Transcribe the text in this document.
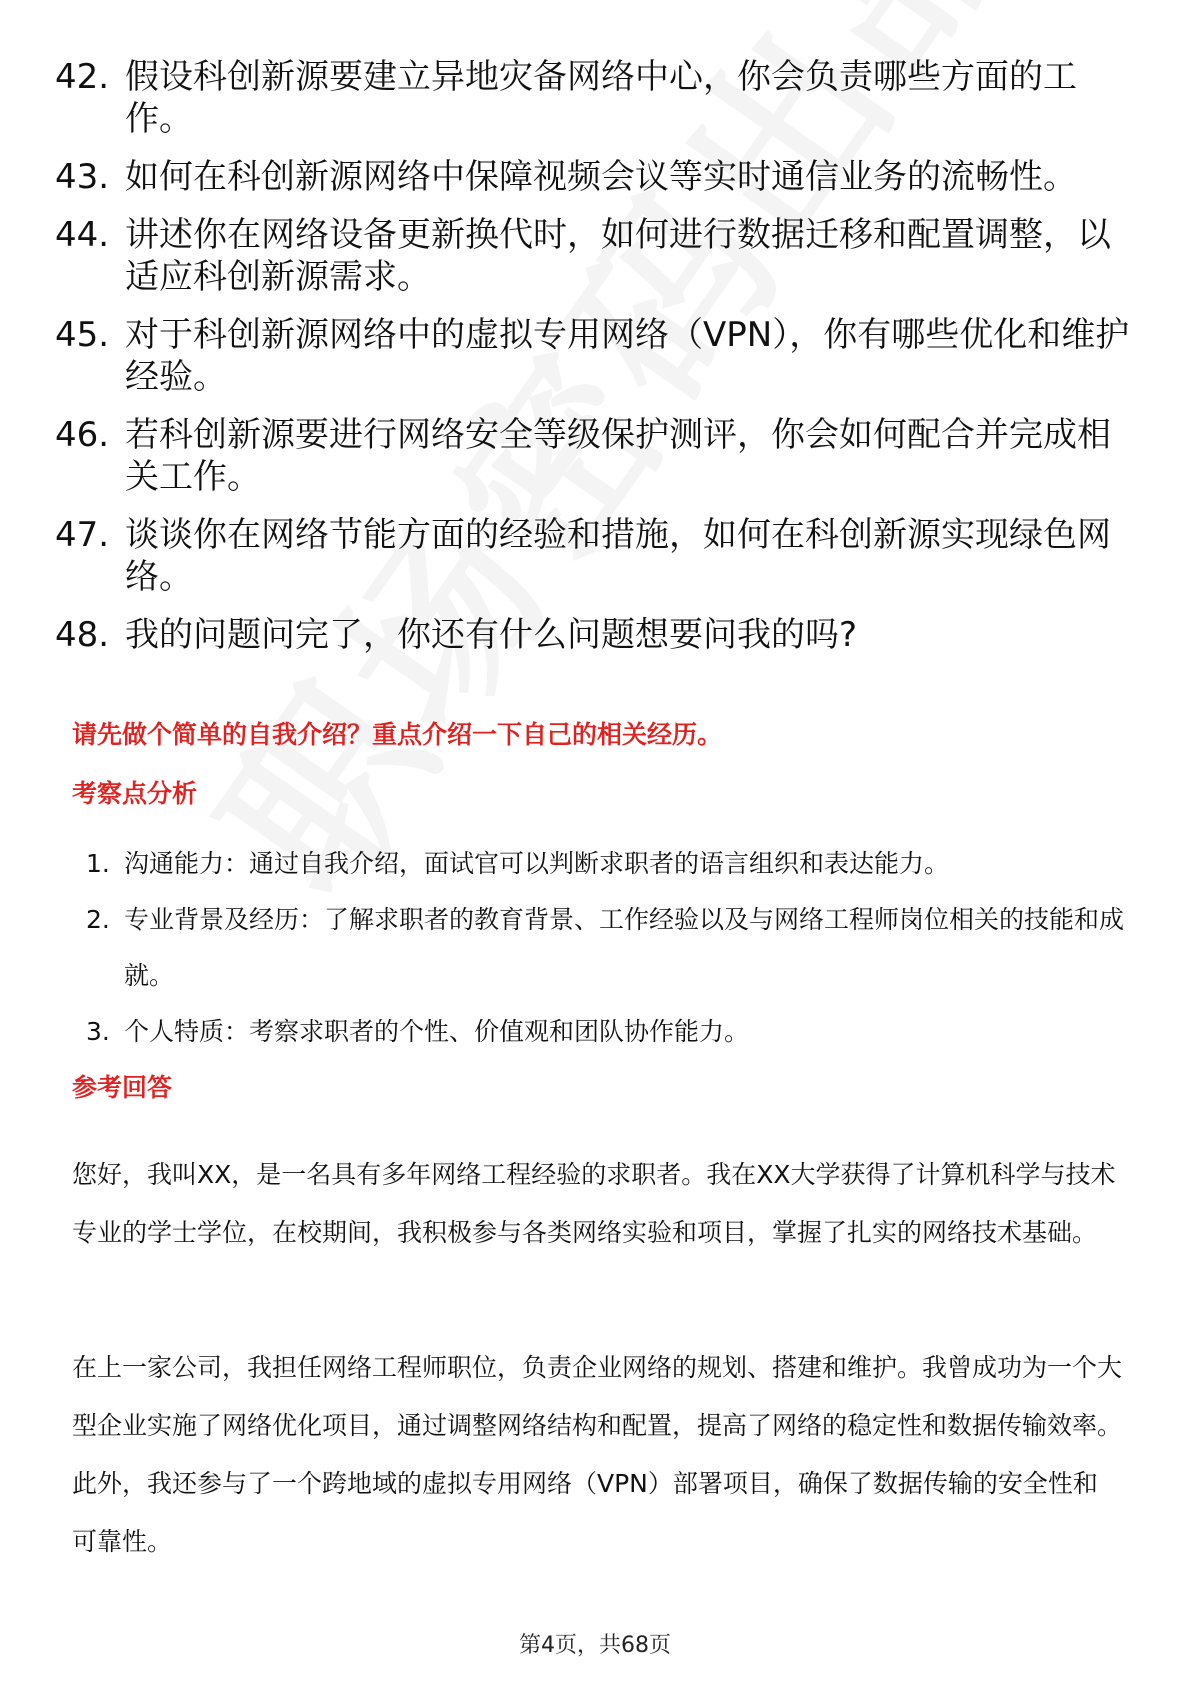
42. 假设科创新源要建立异地灾备网络中心，你会负责哪些方面的工作。
43. 如何在科创新源网络中保障视频会议等实时通信业务的流畅性。
44. 讲述你在网络设备更新换代时，如何进行数据迁移和配置调整，以适应科创新源需求。
45. 对于科创新源网络中的虚拟专用网络（VPN），你有哪些优化和维护经验。
46. 若科创新源要进行网络安全等级保护测评，你会如何配合并完成相关工作。
47. 谈谈你在网络节能方面的经验和措施，如何在科创新源实现绿色网络。
48. 我的问题问完了，你还有什么问题想要问我的吗?
请先做个简单的自我介绍？重点介绍一下自己的相关经历。
考察点分析
1. 沟通能力：通过自我介绍，面试官可以判断求职者的语言组织和表达能力。
2. 专业背景及经历：了解求职者的教育背景、工作经验以及与网络工程师岗位相关的技能和成就。
3. 个人特质：考察求职者的个性、价值观和团队协作能力。
参考回答

您好，我叫XX，是一名具有多年网络工程经验的求职者。我在XX大学获得了计算机科学与技术专业的学士学位，在校期间，我积极参与各类网络实验和项目，掌握了扎实的网络技术基础。

在上一家公司，我担任网络工程师职位，负责企业网络的规划、搭建和维护。我曾成功为一个大型企业实施了网络优化项目，通过调整网络结构和配置，提高了网络的稳定性和数据传输效率。此外，我还参与了一个跨地域的虚拟专用网络（VPN）部署项目，确保了数据传输的安全性和可靠性。

第4页，共68页
